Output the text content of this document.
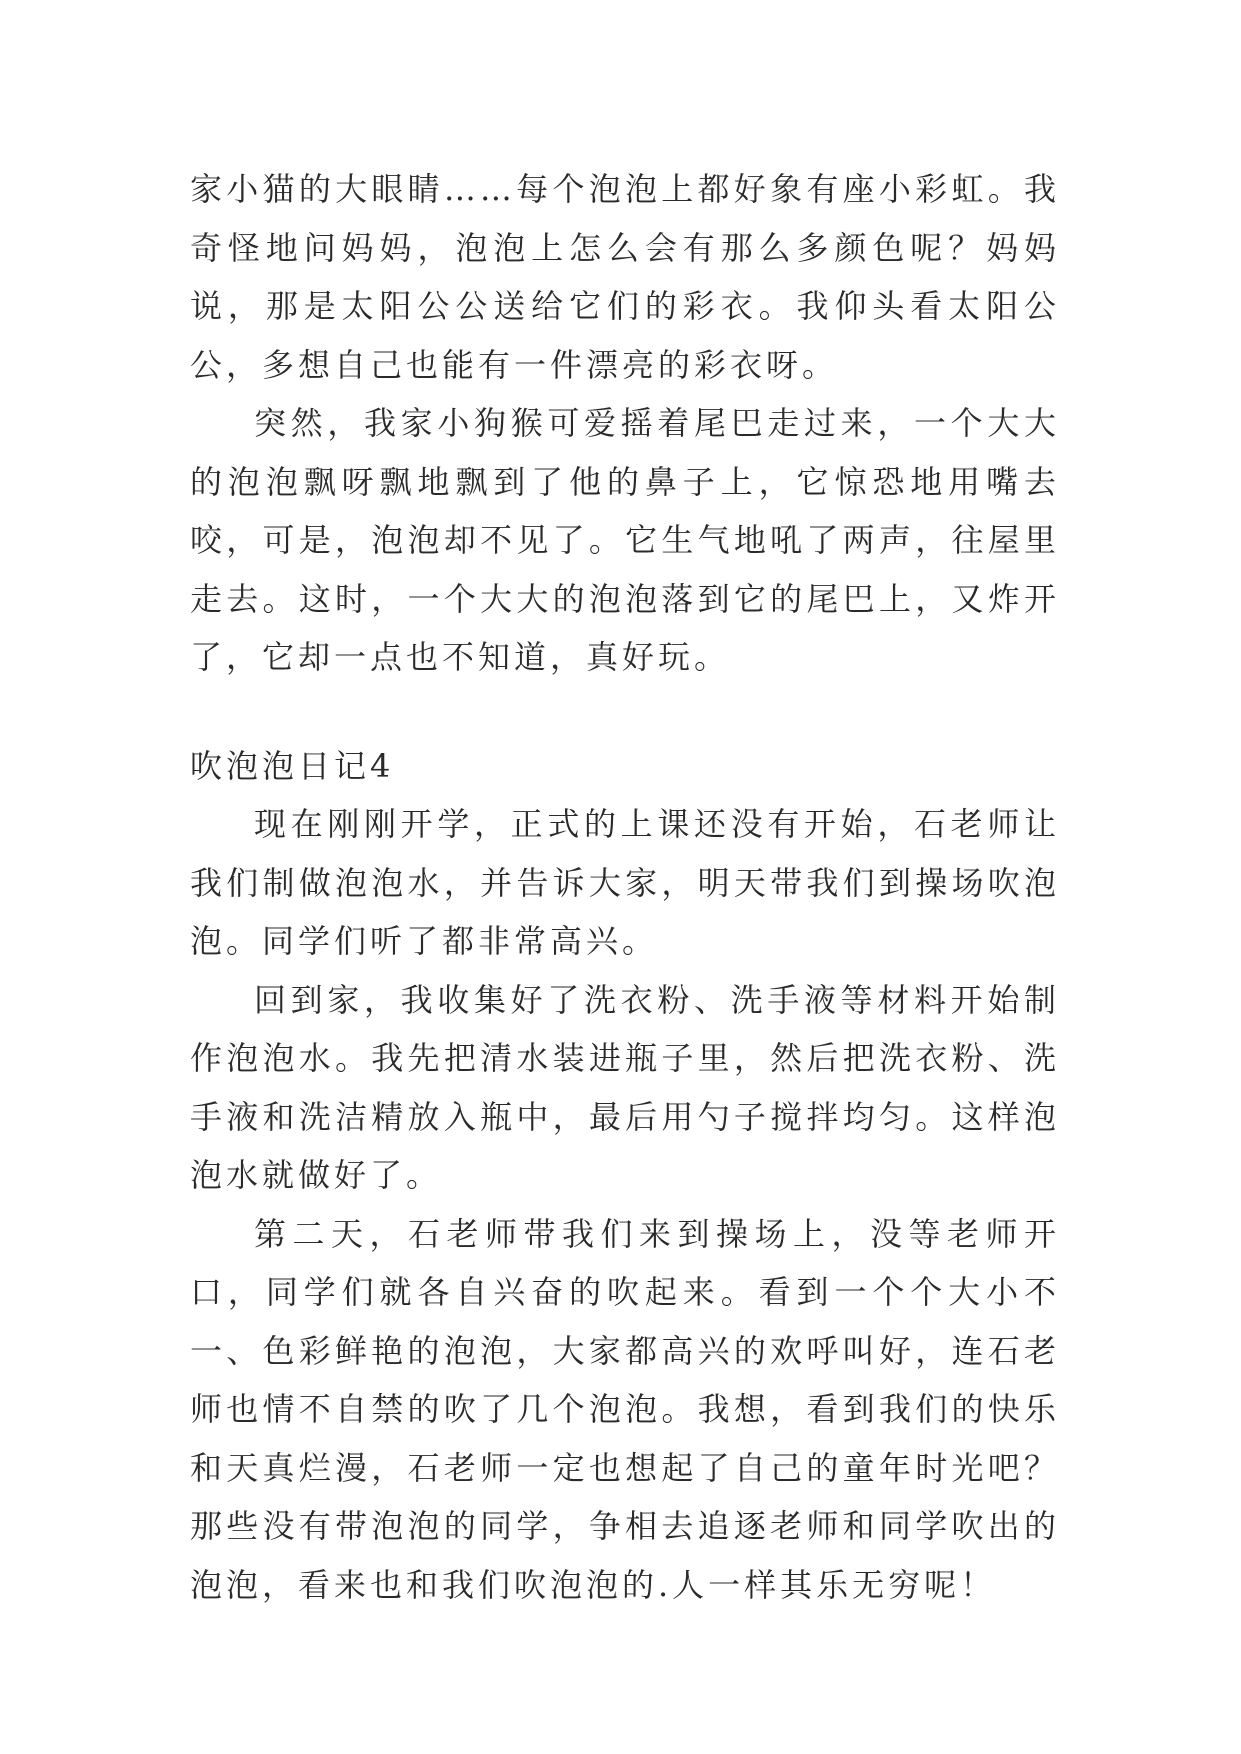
家小猫的大眼睛……每个泡泡上都好象有座小彩虹。我奇怪地问妈妈，泡泡上怎么会有那么多颜色呢？妈妈说，那是太阳公公送给它们的彩衣。我仰头看太阳公公，多想自己也能有一件漂亮的彩衣呀。

突然，我家小狗猴可爱摇着尾巴走过来，一个大大的泡泡飘呀飘地飘到了他的鼻子上，它惊恐地用嘴去咬，可是，泡泡却不见了。它生气地吼了两声，往屋里走去。这时，一个大大的泡泡落到它的尾巴上，又炸开了，它却一点也不知道，真好玩。

吹泡泡日记4

现在刚刚开学，正式的上课还没有开始，石老师让我们制做泡泡水，并告诉大家，明天带我们到操场吹泡泡。同学们听了都非常高兴。

回到家，我收集好了洗衣粉、洗手液等材料开始制作泡泡水。我先把清水装进瓶子里，然后把洗衣粉、洗手液和洗洁精放入瓶中，最后用勺子搅拌均匀。这样泡泡水就做好了。

第二天，石老师带我们来到操场上，没等老师开口，同学们就各自兴奋的吹起来。看到一个个大小不一、色彩鲜艳的泡泡，大家都高兴的欢呼叫好，连石老师也情不自禁的吹了几个泡泡。我想，看到我们的快乐和天真烂漫，石老师一定也想起了自己的童年时光吧？那些没有带泡泡的同学，争相去追逐老师和同学吹出的泡泡，看来也和我们吹泡泡的.人一样其乐无穷呢！
